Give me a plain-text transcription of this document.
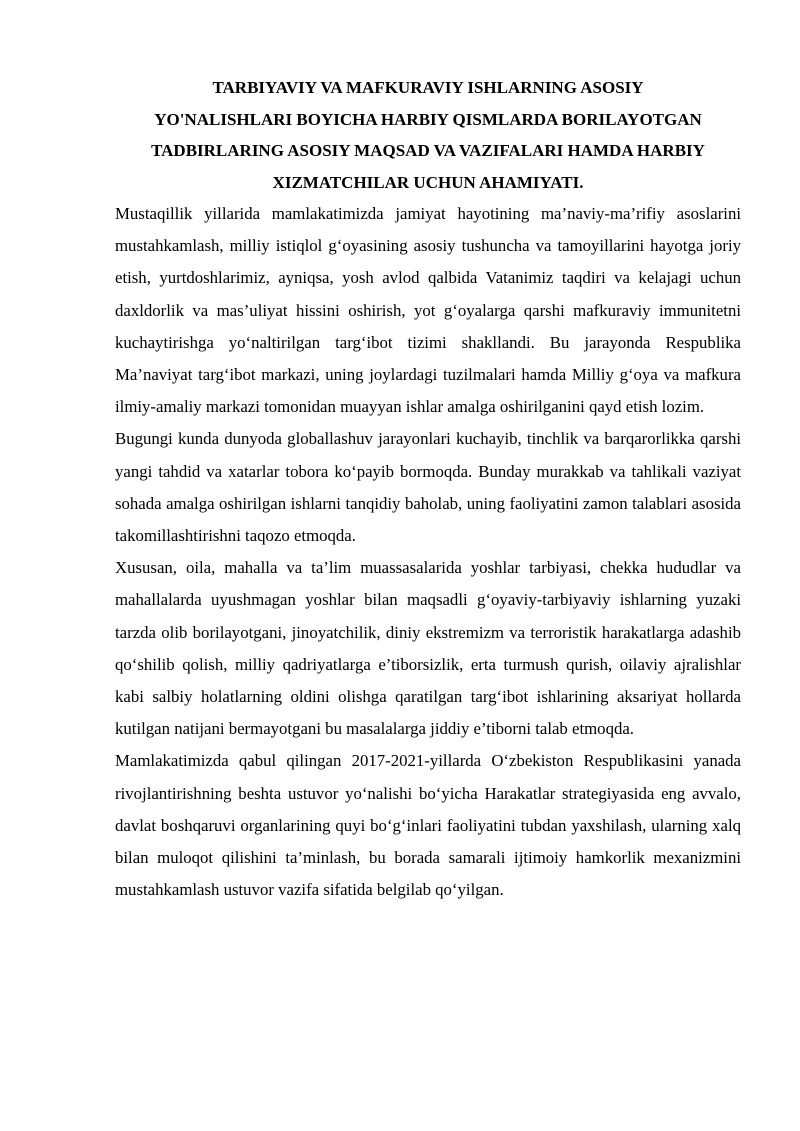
TARBIYAVIY VA MAFKURAVIY ISHLARNING ASOSIY
YO'NALISHLARI BOYICHA HARBIY QISMLARDA BORILAYOTGAN
TADBIRLARING ASOSIY MAQSAD VA VAZIFALARI HAMDA HARBIY
XIZMATCHILAR UCHUN AHAMIYATI.

Mustaqillik yillarida mamlakatimizda jamiyat hayotining ma’naviy-ma’rifiy asoslarini mustahkamlash, milliy istiqlol g‘oyasining asosiy tushuncha va tamoyillarini hayotga joriy etish, yurtdoshlarimiz, ayniqsa, yosh avlod qalbida Vatanimiz taqdiri va kelajagi uchun daxldorlik va mas’uliyat hissini oshirish, yot g‘oyalarga qarshi mafkuraviy immunitetni kuchaytirishga yo‘naltirilgan targ‘ibot tizimi shakllandi. Bu jarayonda Respublika Ma’naviyat targ‘ibot markazi, uning joylardagi tuzilmalari hamda Milliy g‘oya va mafkura ilmiy-amaliy markazi tomonidan muayyan ishlar amalga oshirilganini qayd etish lozim.

Bugungi kunda dunyoda globallashuv jarayonlari kuchayib, tinchlik va barqarorlikka qarshi yangi tahdid va xatarlar tobora ko‘payib bormoqda. Bunday murakkab va tahlikali vaziyat sohada amalga oshirilgan ishlarni tanqidiy baholab, uning faoliyatini zamon talablari asosida takomillashtirishni taqozo etmoqda.

Xususan, oila, mahalla va ta’lim muassasalarida yoshlar tarbiyasi, chekka hududlar va mahallalarda uyushmagan yoshlar bilan maqsadli g‘oyaviy-tarbiyaviy ishlarning yuzaki tarzda olib borilayotgani, jinoyatchilik, diniy ekstremizm va terroristik harakatlarga adashib qo‘shilib qolish, milliy qadriyatlarga e’tiborsizlik, erta turmush qurish, oilaviy ajralishlar kabi salbiy holatlarning oldini olishga qaratilgan targ‘ibot ishlarining aksariyat hollarda kutilgan natijani bermayotgani bu masalalarga jiddiy e’tiborni talab etmoqda.

Mamlakatimizda qabul qilingan 2017-2021-yillarda O‘zbekiston Respublikasini yanada rivojlantirishning beshta ustuvor yo‘nalishi bo‘yicha Harakatlar strategiyasida eng avvalo, davlat boshqaruvi organlarining quyi bo‘g‘inlari faoliyatini tubdan yaxshilash, ularning xalq bilan muloqot qilishini ta’minlash, bu borada samarali ijtimoiy hamkorlik mexanizmini mustahkamlash ustuvor vazifa sifatida belgilab qo‘yilgan.
